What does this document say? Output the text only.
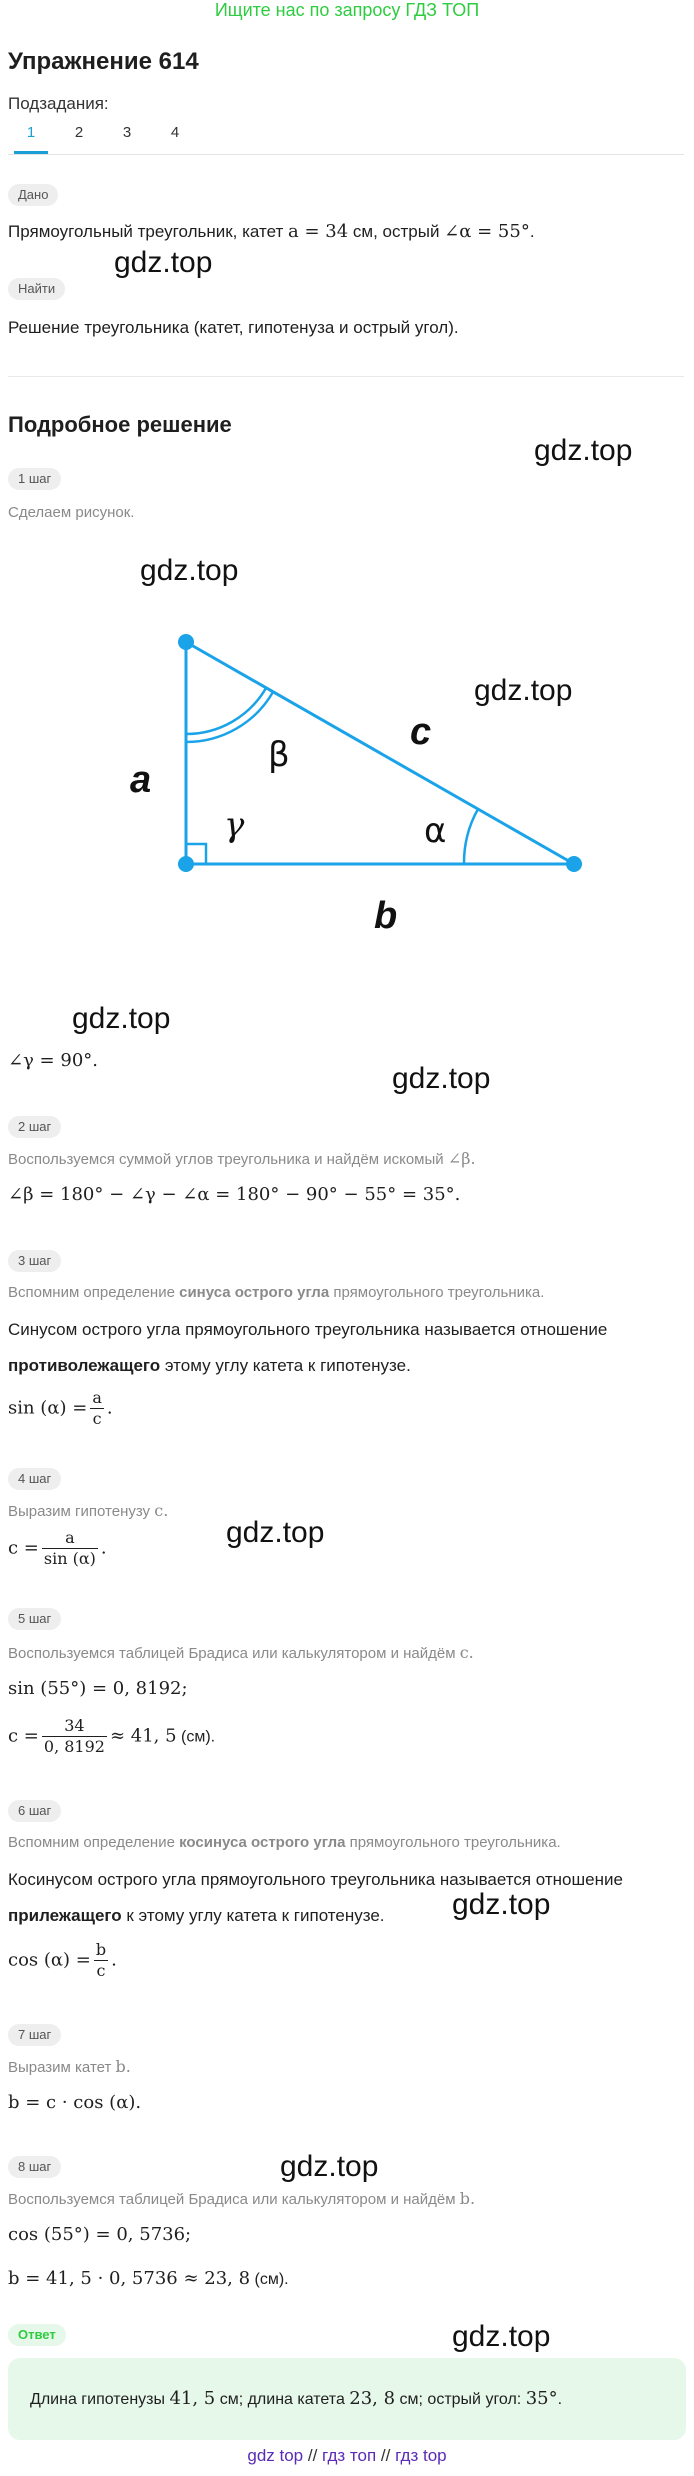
Ищите нас по запросу ГДЗ ТОП
Упражнение 614
Подзадания:
1	2	3	4
Дано
Прямоугольный треугольник, катет a = 34 см, острый ∠α = 55°.
gdz.top
Найти
Решение треугольника (катет, гипотенуза и острый угол).
Подробное решение
gdz.top
1 шаг
Сделаем рисунок.
gdz.top
a
b
c
α
β
γ
gdz.top
gdz.top
∠γ = 90°.
gdz.top
2 шаг
Воспользуемся суммой углов треугольника и найдём искомый ∠β.
∠β = 180° − ∠γ − ∠α = 180° − 90° − 55° = 35°.
3 шаг
Вспомним определение синуса острого угла прямоугольного треугольника.
Синусом острого угла прямоугольного треугольника называется отношение
противолежащего этому углу катета к гипотенузе.
$\sin (\alpha) = \frac{a}{c}$ .
4 шаг
Выразим гипотенузу c.
gdz.top
$c = \frac{a}{\sin (\alpha)}$ .
5 шаг
Воспользуемся таблицей Брадиса или калькулятором и найдём c.
sin (55°) = 0, 8192;
$c = \frac{34}{0, 8192} \approx 41$, 5 (см).
6 шаг
Вспомним определение косинуса острого угла прямоугольного треугольника.
Косинусом острого угла прямоугольного треугольника называется отношение
прилежащего к этому углу катета к гипотенузе. gdz.top
$\cos (\alpha) = \frac{b}{c}$ .
7 шаг
Выразим катет b.
b = c · cos (α).
gdz.top
8 шаг
Воспользуемся таблицей Брадиса или калькулятором и найдём b.
cos (55°) = 0, 5736;
b = 41, 5 · 0, 5736 ≈ 23, 8 (см).
Ответ	gdz.top
Длина гипотенузы 41, 5 см; длина катета 23, 8 см; острый угол: 35°.
gdz top // гдз топ // гдз top
